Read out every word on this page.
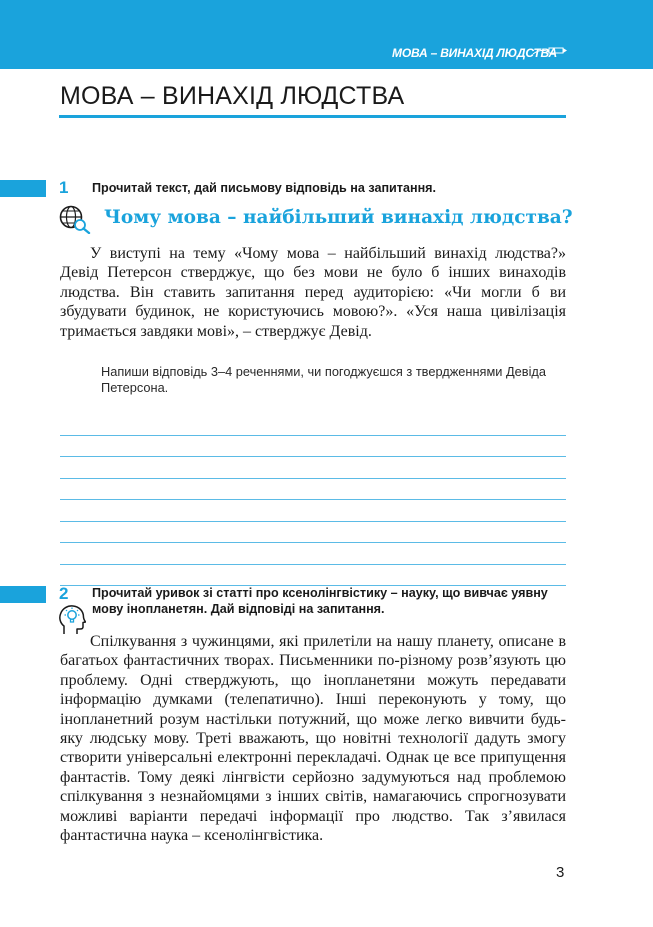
МОВА – ВИНАХІД ЛЮДСТВА
МОВА – ВИНАХІД ЛЮДСТВА
1 Прочитай текст, дай письмову відповідь на запитання.
Чому мова – найбільший винахід людства?

У виступі на тему «Чому мова – найбільший винахід людства?» Девід Петерсон стверджує, що без мови не було б інших винаходів людства. Він ставить запитання перед аудиторією: «Чи могли б ви збудувати будинок, не користуючись мовою?». «Уся наша цивілізація тримається завдяки мові», – стверджує Девід.

Напиши відповідь 3–4 реченнями, чи погоджуєшся з твердженнями Девіда Петерсона.

2 Прочитай уривок зі статті про ксенолінгвістику – науку, що вивчає уявну мову інопланетян. Дай відповіді на запитання.

Спілкування з чужинцями, які прилетіли на нашу планету, описане в багатьох фантастичних творах. Письменники по-різному розв’язують цю проблему. Одні стверджують, що інопланетяни можуть передавати інформацію думками (телепатично). Інші переконують у тому, що інопланетний розум настільки потужний, що може легко вивчити будь-яку людську мову. Треті вважають, що новітні технології дадуть змогу створити універсальні електронні перекладачі. Однак це все припущення фантастів. Тому деякі лінгвісти серйозно задумуються над проблемою спілкування з незнайомцями з інших світів, намагаючись спрогнозувати можливі варіанти передачі інформації про людство. Так з’явилася фантастична наука – ксенолінгвістика.

3
